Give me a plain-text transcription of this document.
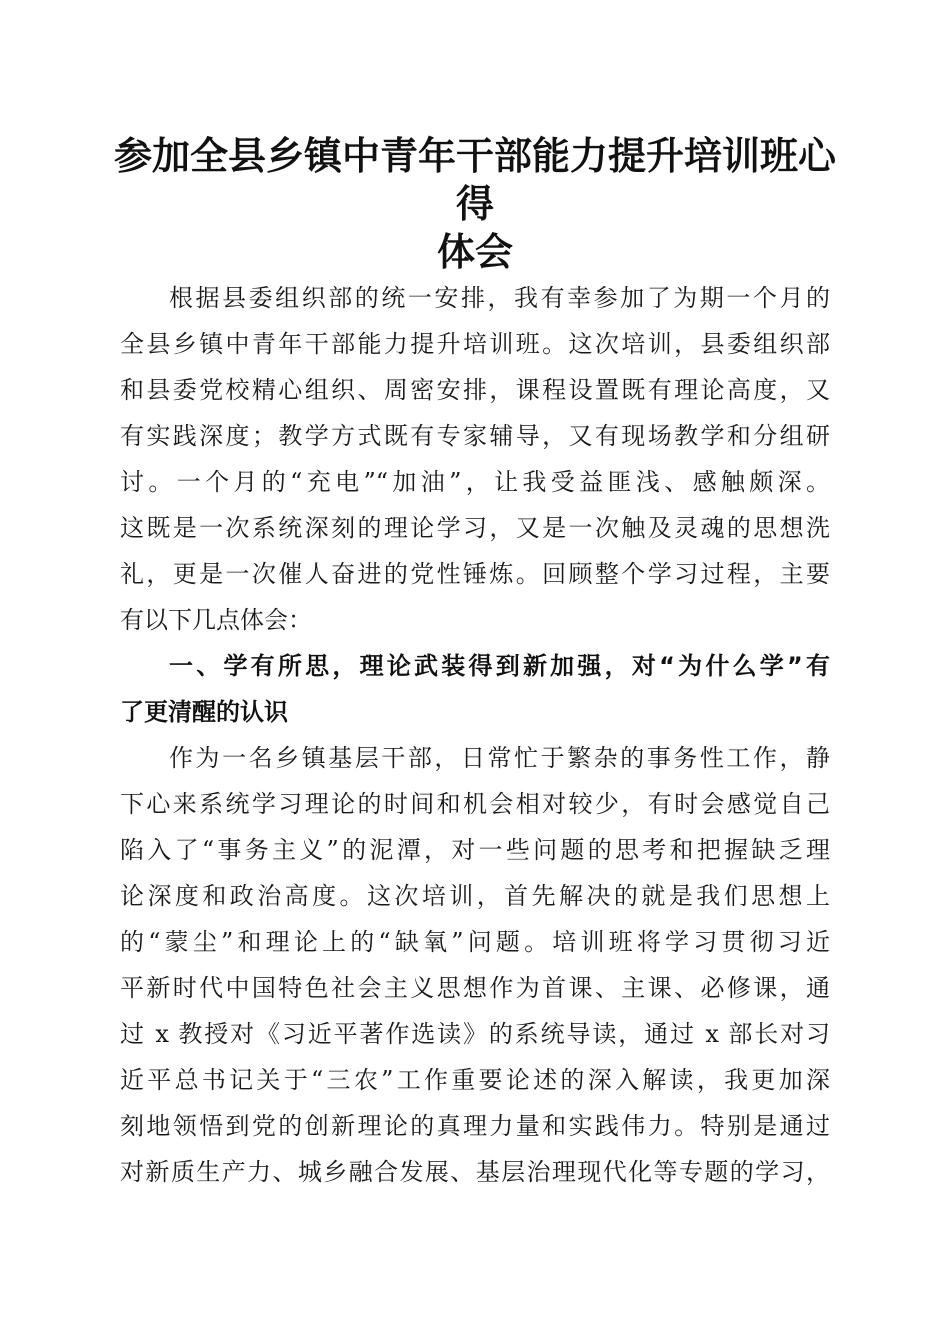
参加全县乡镇中青年干部能力提升培训班心得
体会
根据县委组织部的统一安排，我有幸参加了为期一个月的
全县乡镇中青年干部能力提升培训班。这次培训，县委组织部
和县委党校精心组织、周密安排，课程设置既有理论高度，又
有实践深度；教学方式既有专家辅导，又有现场教学和分组研
讨。一个月的“充电”“加油”，让我受益匪浅、感触颇深。
这既是一次系统深刻的理论学习，又是一次触及灵魂的思想洗
礼，更是一次催人奋进的党性锤炼。回顾整个学习过程，主要
有以下几点体会：
一、学有所思，理论武装得到新加强，对“为什么学”有
了更清醒的认识
作为一名乡镇基层干部，日常忙于繁杂的事务性工作，静
下心来系统学习理论的时间和机会相对较少，有时会感觉自己
陷入了“事务主义”的泥潭，对一些问题的思考和把握缺乏理
论深度和政治高度。这次培训，首先解决的就是我们思想上
的“蒙尘”和理论上的“缺氧”问题。培训班将学习贯彻习近
平新时代中国特色社会主义思想作为首课、主课、必修课，通
过 x 教授对《习近平著作选读》的系统导读，通过 x 部长对习
近平总书记关于“三农”工作重要论述的深入解读，我更加深
刻地领悟到党的创新理论的真理力量和实践伟力。特别是通过
对新质生产力、城乡融合发展、基层治理现代化等专题的学习，
